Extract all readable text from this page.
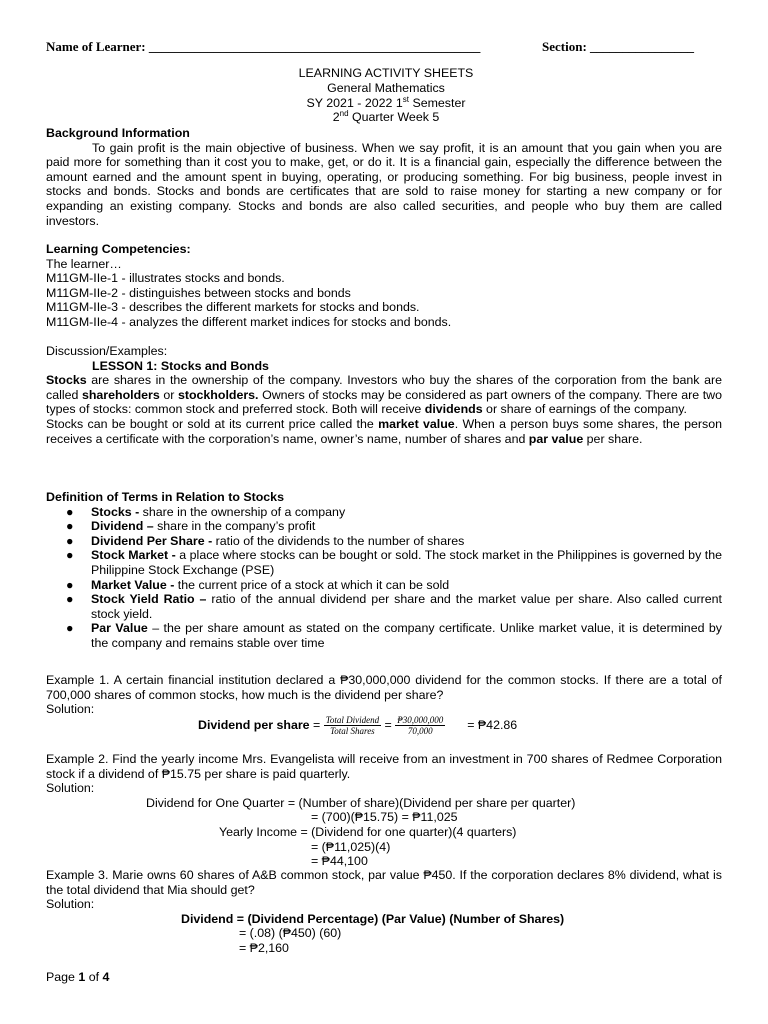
Name of Learner: ___________________________________________________	Section: ________________
LEARNING ACTIVITY SHEETS
General Mathematics
SY 2021 - 2022 1st Semester
2nd Quarter Week 5
Background Information
To gain profit is the main objective of business. When we say profit, it is an amount that you gain when you are paid more for something than it cost you to make, get, or do it. It is a financial gain, especially the difference between the amount earned and the amount spent in buying, operating, or producing something. For big business, people invest in stocks and bonds. Stocks and bonds are certificates that are sold to raise money for starting a new company or for expanding an existing company. Stocks and bonds are also called securities, and people who buy them are called investors.
Learning Competencies:
The learner…
M11GM-IIe-1 - illustrates stocks and bonds.
M11GM-IIe-2 - distinguishes between stocks and bonds
M11GM-IIe-3 - describes the different markets for stocks and bonds.
M11GM-IIe-4 - analyzes the different market indices for stocks and bonds.
Discussion/Examples:
LESSON 1: Stocks and Bonds
Stocks are shares in the ownership of the company. Investors who buy the shares of the corporation from the bank are called shareholders or stockholders. Owners of stocks may be considered as part owners of the company. There are two types of stocks: common stock and preferred stock. Both will receive dividends or share of earnings of the company.
Stocks can be bought or sold at its current price called the market value. When a person buys some shares, the person receives a certificate with the corporation’s name, owner’s name, number of shares and par value per share.
Definition of Terms in Relation to Stocks
● Stocks - share in the ownership of a company
● Dividend – share in the company’s profit
● Dividend Per Share - ratio of the dividends to the number of shares
● Stock Market - a place where stocks can be bought or sold. The stock market in the Philippines is governed by the Philippine Stock Exchange (PSE)
● Market Value - the current price of a stock at which it can be sold
● Stock Yield Ratio – ratio of the annual dividend per share and the market value per share. Also called current stock yield.
● Par Value – the per share amount as stated on the company certificate. Unlike market value, it is determined by the company and remains stable over time
Example 1. A certain financial institution declared a ₱30,000,000 dividend for the common stocks. If there are a total of 700,000 shares of common stocks, how much is the dividend per share?
Solution:
Dividend per share = $\frac{\text{Total Dividend}}{\text{Total Shares}} = \frac{₱30,000,000}{70,000}$	= ₱42.86
Example 2. Find the yearly income Mrs. Evangelista will receive from an investment in 700 shares of Redmee Corporation stock if a dividend of ₱15.75 per share is paid quarterly.
Solution:
Dividend for One Quarter = (Number of share)(Dividend per share per quarter)
= (700)(₱15.75) = ₱11,025
Yearly Income = (Dividend for one quarter)(4 quarters)
= (₱11,025)(4)
= ₱44,100
Example 3. Marie owns 60 shares of A&B common stock, par value ₱450. If the corporation declares 8% dividend, what is the total dividend that Mia should get?
Solution:
Dividend = (Dividend Percentage) (Par Value) (Number of Shares)
= (.08) (₱450) (60)
= ₱2,160
Page 1 of 4
